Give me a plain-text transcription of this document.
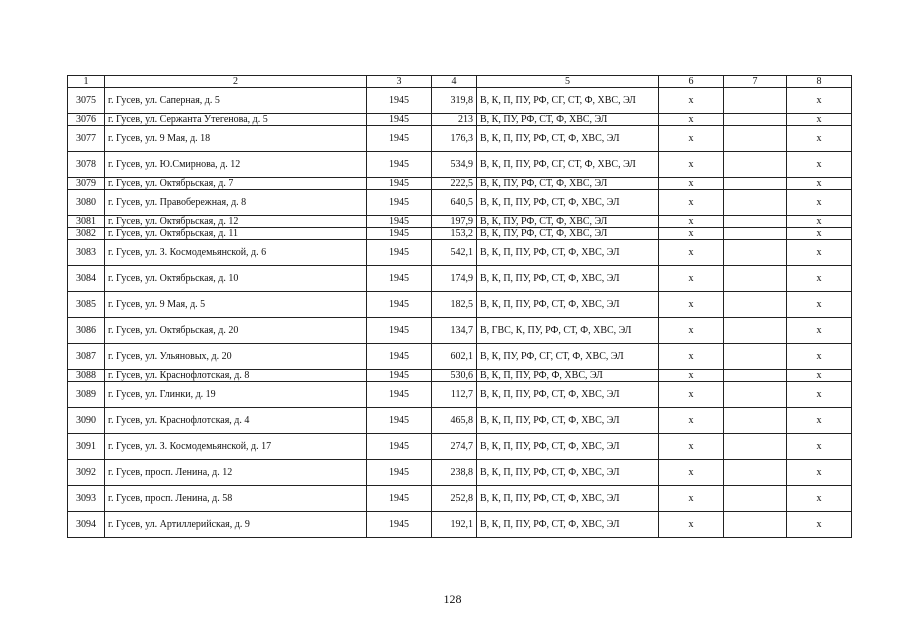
1	2	3	4	5	6	7	8
3075	г. Гусев, ул. Саперная, д. 5	1945	319,8	В, К, П, ПУ, РФ, СГ, СТ, Ф, ХВС, ЭЛ	x		x
3076	г. Гусев, ул. Сержанта Утегенова, д. 5	1945	213	В, К, ПУ, РФ, СТ, Ф, ХВС, ЭЛ	x		x
3077	г. Гусев, ул. 9 Мая, д. 18	1945	176,3	В, К, П, ПУ, РФ, СТ, Ф, ХВС, ЭЛ	x		x
3078	г. Гусев, ул. Ю.Смирнова, д. 12	1945	534,9	В, К, П, ПУ, РФ, СГ, СТ, Ф, ХВС, ЭЛ	x		x
3079	г. Гусев, ул. Октябрьская, д. 7	1945	222,5	В, К, ПУ, РФ, СТ, Ф, ХВС, ЭЛ	x		x
3080	г. Гусев, ул. Правобережная, д. 8	1945	640,5	В, К, П, ПУ, РФ, СТ, Ф, ХВС, ЭЛ	x		x
3081	г. Гусев, ул. Октябрьская, д. 12	1945	197,9	В, К, ПУ, РФ, СТ, Ф, ХВС, ЭЛ	x		x
3082	г. Гусев, ул. Октябрьская, д. 11	1945	153,2	В, К, ПУ, РФ, СТ, Ф, ХВС, ЭЛ	x		x
3083	г. Гусев, ул. З. Космодемьянской, д. 6	1945	542,1	В, К, П, ПУ, РФ, СТ, Ф, ХВС, ЭЛ	x		x
3084	г. Гусев, ул. Октябрьская, д. 10	1945	174,9	В, К, П, ПУ, РФ, СТ, Ф, ХВС, ЭЛ	x		x
3085	г. Гусев, ул. 9 Мая, д. 5	1945	182,5	В, К, П, ПУ, РФ, СТ, Ф, ХВС, ЭЛ	x		x
3086	г. Гусев, ул. Октябрьская, д. 20	1945	134,7	В, ГВС, К, ПУ, РФ, СТ, Ф, ХВС, ЭЛ	x		x
3087	г. Гусев, ул. Ульяновых, д. 20	1945	602,1	В, К, ПУ, РФ, СГ, СТ, Ф, ХВС, ЭЛ	x		x
3088	г. Гусев, ул. Краснофлотская, д. 8	1945	530,6	В, К, П, ПУ, РФ, Ф, ХВС, ЭЛ	x		x
3089	г. Гусев, ул. Глинки, д. 19	1945	112,7	В, К, П, ПУ, РФ, СТ, Ф, ХВС, ЭЛ	x		x
3090	г. Гусев, ул. Краснофлотская, д. 4	1945	465,8	В, К, П, ПУ, РФ, СТ, Ф, ХВС, ЭЛ	x		x
3091	г. Гусев, ул. З. Космодемьянской, д. 17	1945	274,7	В, К, П, ПУ, РФ, СТ, Ф, ХВС, ЭЛ	x		x
3092	г. Гусев, просп. Ленина, д. 12	1945	238,8	В, К, П, ПУ, РФ, СТ, Ф, ХВС, ЭЛ	x		x
3093	г. Гусев, просп. Ленина, д. 58	1945	252,8	В, К, П, ПУ, РФ, СТ, Ф, ХВС, ЭЛ	x		x
3094	г. Гусев, ул. Артиллерийская, д. 9	1945	192,1	В, К, П, ПУ, РФ, СТ, Ф, ХВС, ЭЛ	x		x
128
